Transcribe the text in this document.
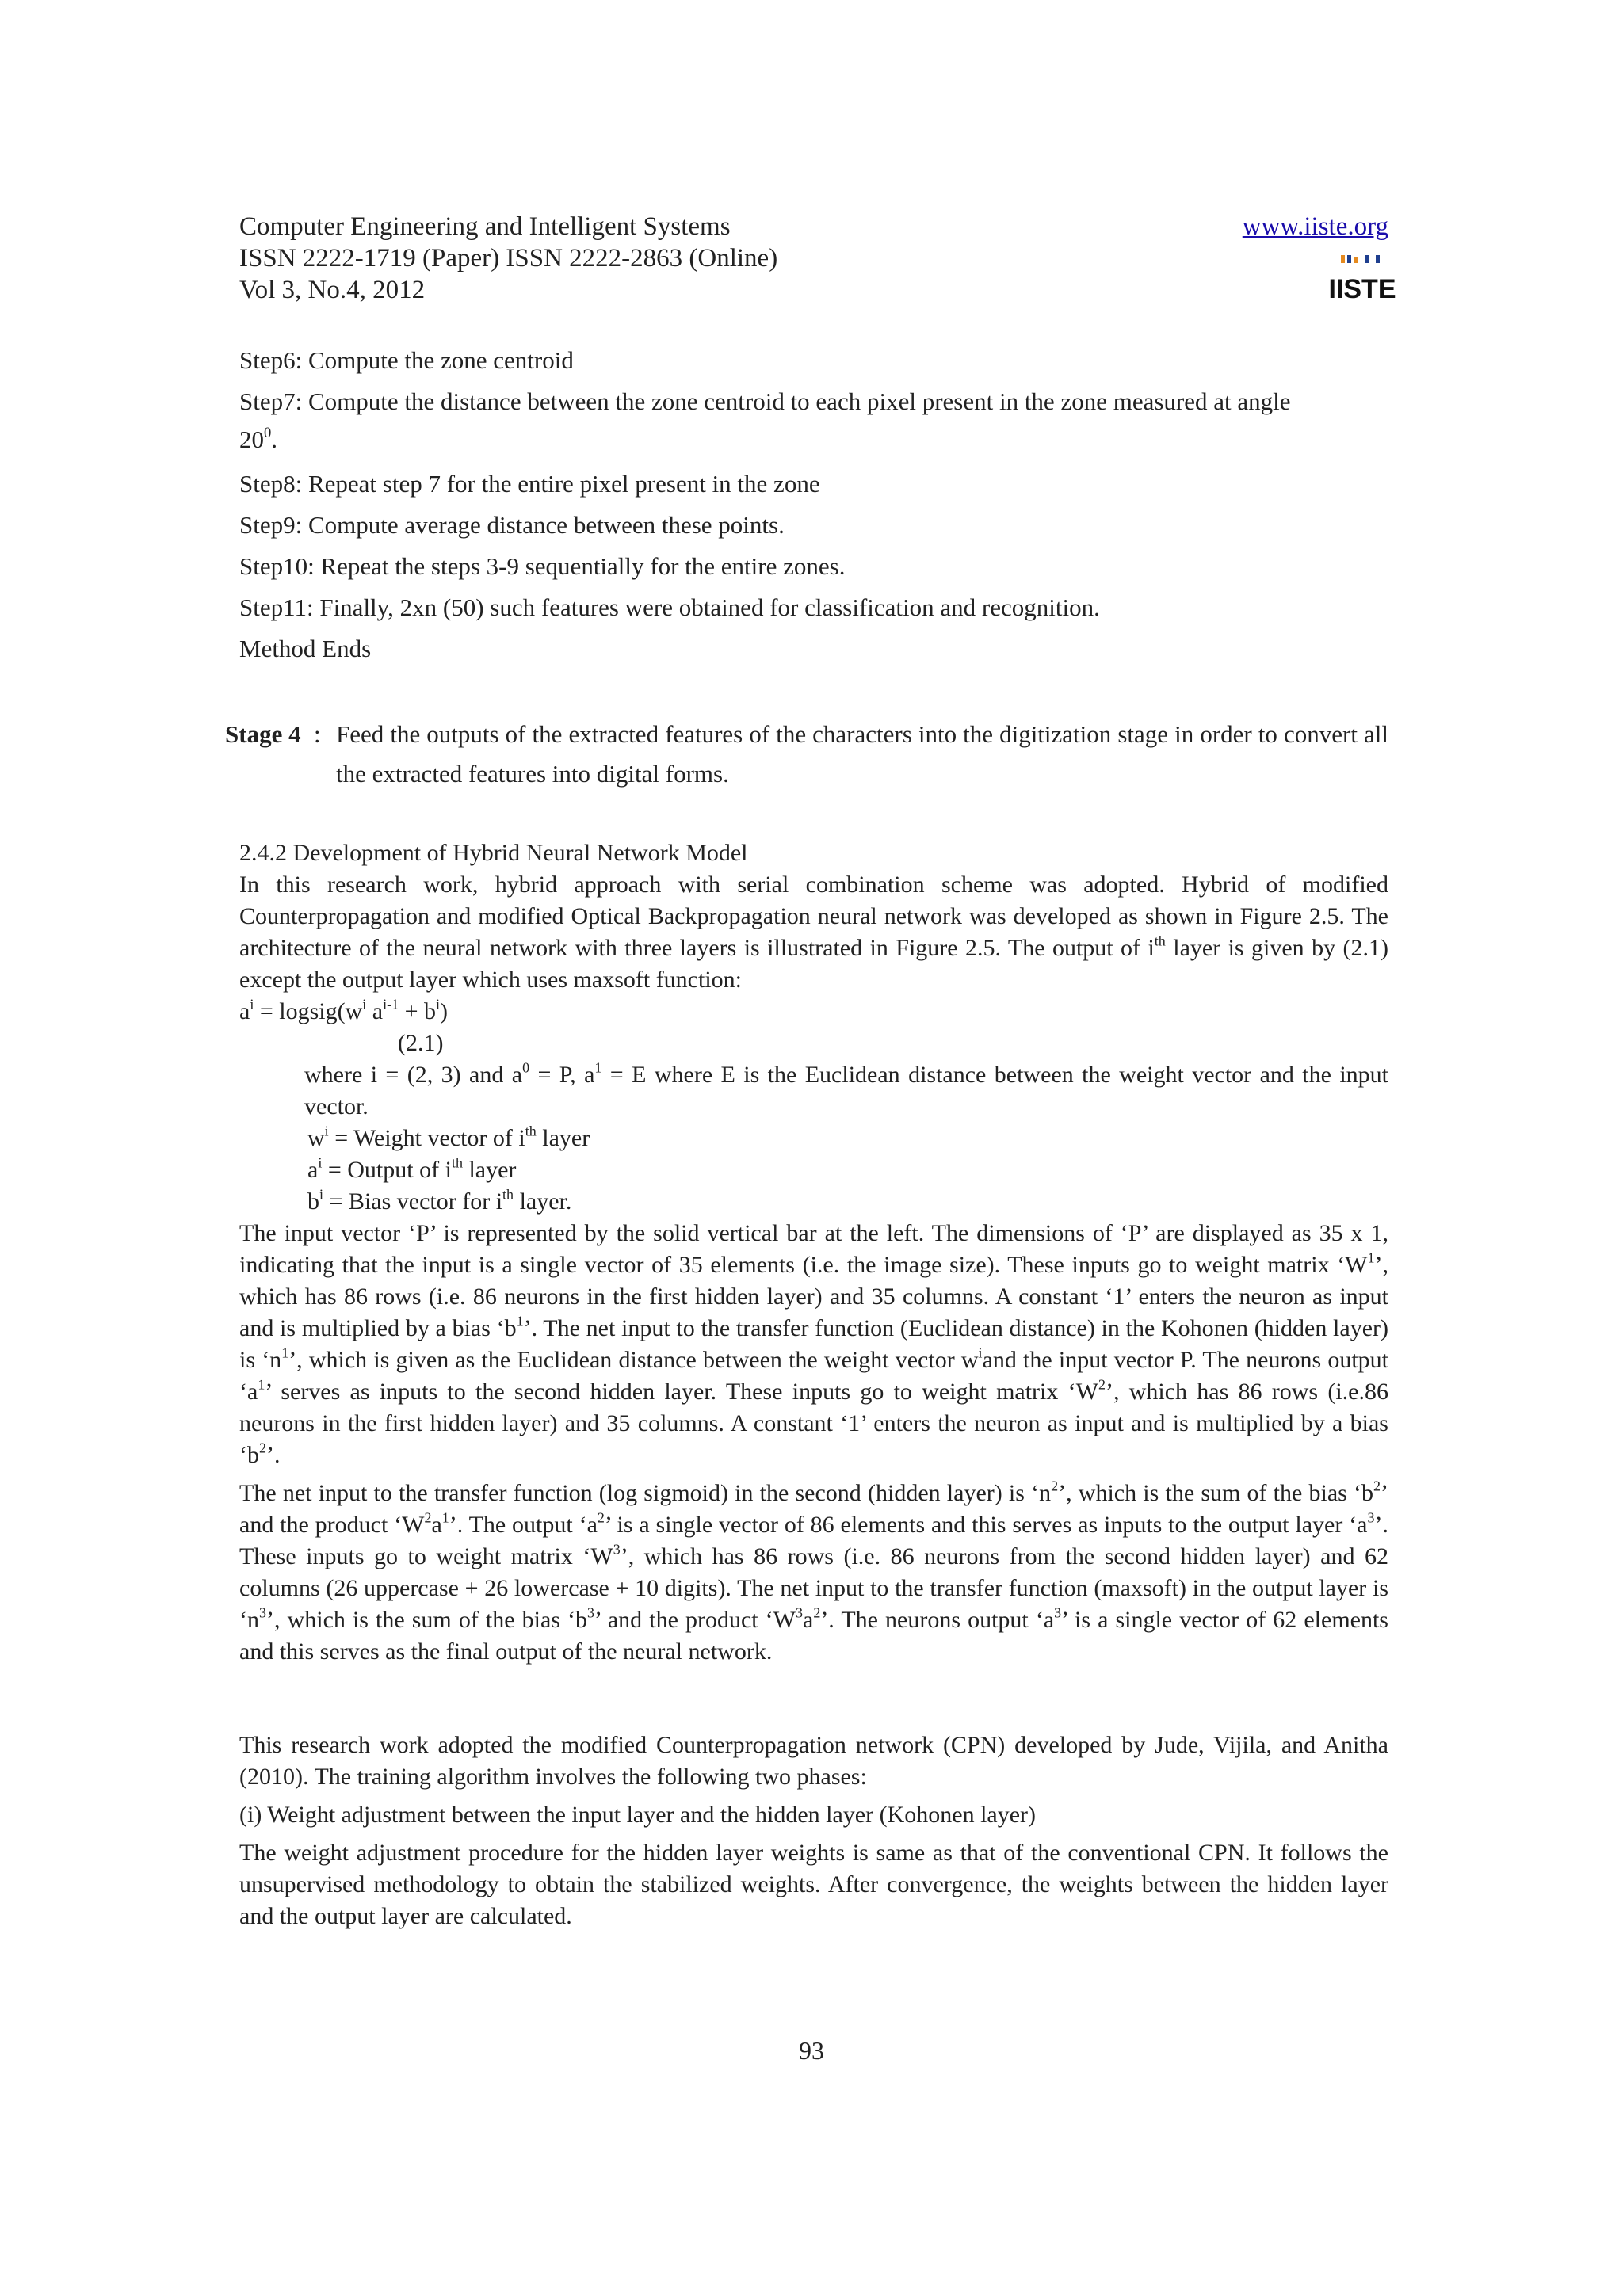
Computer Engineering and Intelligent Systems
ISSN 2222-1719 (Paper) ISSN 2222-2863 (Online)
Vol 3, No.4, 2012
www.iiste.org
IISTE
Step6: Compute the zone centroid
Step7: Compute the distance between the zone centroid to each pixel present in the zone measured at angle
$20^0$.
Step8: Repeat step 7 for the entire pixel present in the zone
Step9: Compute average distance between these points.
Step10: Repeat the steps 3-9 sequentially for the entire zones.
Step11: Finally, 2xn (50) such features were obtained for classification and recognition.
Method Ends
Stage 4 : Feed the outputs of the extracted features of the characters into the digitization stage in order to convert all the extracted features into digital forms.

2.4.2 Development of Hybrid Neural Network Model

In this research work, hybrid approach with serial combination scheme was adopted. Hybrid of modified Counterpropagation and modified Optical Backpropagation neural network was developed as shown in Figure 2.5. The architecture of the neural network with three layers is illustrated in Figure 2.5. The output of $i^{th}$ layer is given by (2.1) except the output layer which uses maxsoft function:

$a^i$ = $logsig(w^i$ $a^{i-1} + b^i$)

(2.1)

where i = (2, 3) and $a^0 = P$, $a^1 = E$ where E is the Euclidean distance between the weight vector and the input vector.

$w^i$ = Weight vector of $i^{th}$ layer

$a^i$ = Output of $i^{th}$ layer

$b^i$ = Bias vector for $i^{th}$ layer.

The input vector ‘P’ is represented by the solid vertical bar at the left. The dimensions of ‘P’ are displayed as 35 x 1, indicating that the input is a single vector of 35 elements (i.e. the image size). These inputs go to weight matrix ‘$W^1$’, which has 86 rows (i.e. 86 neurons in the first hidden layer) and 35 columns. A constant ‘1’ enters the neuron as input and is multiplied by a bias ‘$b^1$’. The net input to the transfer function (Euclidean distance) in the Kohonen (hidden layer) is ‘$n^1$’, which is given as the Euclidean distance between the weight vector $w^iand$ the input vector P. The neurons output ‘$a^1$’ serves as inputs to the second hidden layer. These inputs go to weight matrix ‘$W^2$’, which has 86 rows (i.e.86 neurons in the first hidden layer) and 35 columns. A constant ‘1’ enters the neuron as input and is multiplied by a bias ‘$b^2$’.

The net input to the transfer function (log sigmoid) in the second (hidden layer) is ‘$n^2$’, which is the sum of the bias ‘$b^2$’ and the product ‘$W^2a^1$’. The output ‘$a^2$’ is a single vector of 86 elements and this serves as inputs to the output layer ‘$a^3$’. These inputs go to weight matrix ‘$W^3$’, which has 86 rows (i.e. 86 neurons from the second hidden layer) and 62 columns (26 uppercase + 26 lowercase + 10 digits). The net input to the transfer function (maxsoft) in the output layer is ‘$n^3$’, which is the sum of the bias ‘$b^3$’ and the product ‘$W^3a^2$’. The neurons output ‘$a^3$’ is a single vector of 62 elements and this serves as the final output of the neural network.

This research work adopted the modified Counterpropagation network (CPN) developed by Jude, Vijila, and Anitha (2010). The training algorithm involves the following two phases:

(i) Weight adjustment between the input layer and the hidden layer (Kohonen layer)

The weight adjustment procedure for the hidden layer weights is same as that of the conventional CPN. It follows the unsupervised methodology to obtain the stabilized weights. After convergence, the weights between the hidden layer and the output layer are calculated.

93
